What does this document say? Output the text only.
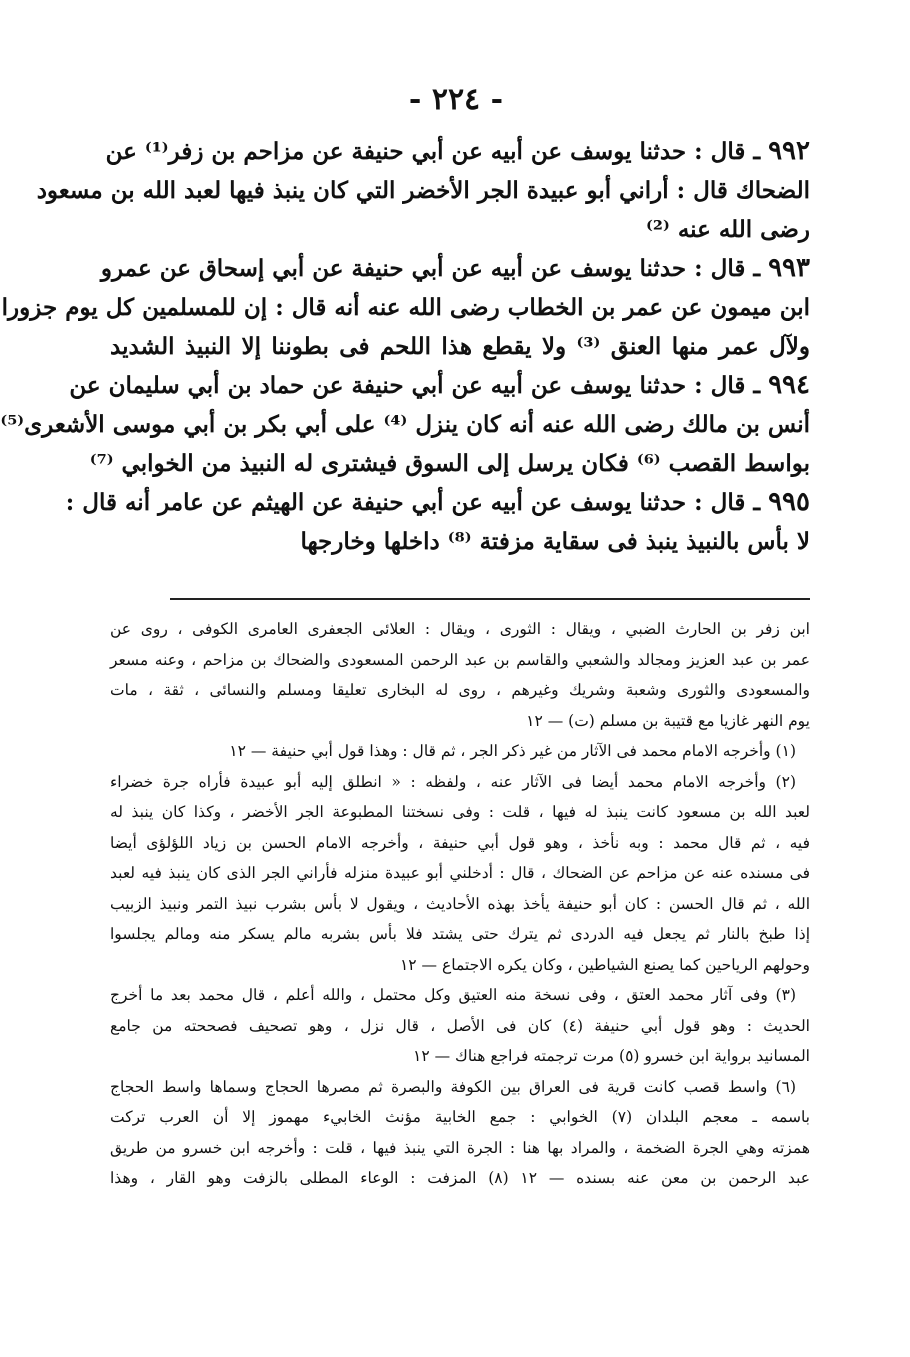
- ٢٢٤ -
٩٩٢ ـ قال : حدثنا يوسف عن أبيه عن أبي حنيفة عن مزاحم بن زفر⁽¹⁾ عن
الضحاك قال : أراني أبو عبيدة الجر الأخضر التي كان ينبذ فيها لعبد الله بن مسعود
رضى الله عنه ⁽²⁾
٩٩٣ ـ قال : حدثنا يوسف عن أبيه عن أبي حنيفة عن أبي إسحاق عن عمرو
ابن ميمون عن عمر بن الخطاب رضى الله عنه أنه قال : إن للمسلمين كل يوم جزورا
ولآل عمر منها العنق ⁽³⁾ ولا يقطع هذا اللحم فى بطوننا إلا النبيذ الشديد
٩٩٤ ـ قال : حدثنا يوسف عن أبيه عن أبي حنيفة عن حماد بن أبي سليمان عن
أنس بن مالك رضى الله عنه أنه كان ينزل ⁽⁴⁾ على أبي بكر بن أبي موسى الأشعرى⁽⁵⁾
بواسط القصب ⁽⁶⁾ فكان يرسل إلى السوق فيشترى له النبيذ من الخوابي ⁽⁷⁾
٩٩٥ ـ قال : حدثنا يوسف عن أبيه عن أبي حنيفة عن الهيثم عن عامر أنه قال :
لا بأس بالنبيذ ينبذ فى سقاية مزفتة ⁽⁸⁾ داخلها وخارجها
ابن زفر بن الحارث الضبي ، ويقال : الثورى ، ويقال : العلائى الجعفرى العامرى الكوفى ، روى عن
عمر بن عبد العزيز ومجالد والشعبي والقاسم بن عبد الرحمن المسعودى والضحاك بن مزاحم ، وعنه مسعر
والمسعودى والثورى وشعبة وشريك وغيرهم ، روى له البخارى تعليقا ومسلم والنسائى ، ثقة ، مات
يوم النهر غازيا مع قتيبة بن مسلم (ت) — ١٢
(١) وأخرجه الامام محمد فى الآثار من غير ذكر الجر ، ثم قال : وهذا قول أبي حنيفة — ١٢
(٢) وأخرجه الامام محمد أيضا فى الآثار عنه ، ولفظه : « انطلق إليه أبو عبيدة فأراه جرة خضراء
لعبد الله بن مسعود كانت ينبذ له فيها ، قلت : وفى نسختنا المطبوعة الجر الأخضر ، وكذا كان ينبذ له
فيه ، ثم قال محمد : وبه نأخذ ، وهو قول أبي حنيفة ، وأخرجه الامام الحسن بن زياد اللؤلؤى أيضا
فى مسنده عنه عن مزاحم عن الضحاك ، قال : أدخلني أبو عبيدة منزله فأراني الجر الذى كان ينبذ فيه لعبد
الله ، ثم قال الحسن : كان أبو حنيفة يأخذ بهذه الأحاديث ، ويقول لا بأس بشرب نبيذ التمر ونبيذ الزبيب
إذا طبخ بالنار ثم يجعل فيه الدردى ثم يترك حتى يشتد فلا بأس بشربه مالم يسكر منه ومالم يجلسوا
وحولهم الرياحين كما يصنع الشياطين ، وكان يكره الاجتماع — ١٢
(٣) وفى آثار محمد العتق ، وفى نسخة منه العتيق وكل محتمل ، والله أعلم ، قال محمد بعد ما أخرج
الحديث : وهو قول أبي حنيفة (٤) كان فى الأصل ، قال نزل ، وهو تصحيف فصححته من جامع
المسانيد برواية ابن خسرو (٥) مرت ترجمته فراجع هناك — ١٢
(٦) واسط قصب كانت قرية فى العراق بين الكوفة والبصرة ثم مصرها الحجاج وسماها واسط الحجاج
باسمه ـ معجم البلدان (٧) الخوابي : جمع الخابية مؤنث الخابيء مهموز إلا أن العرب تركت
همزته وهي الجرة الضخمة ، والمراد بها هنا : الجرة التي ينبذ فيها ، قلت : وأخرجه ابن خسرو من طريق
عبد الرحمن بن معن عنه بسنده — ١٢ (٨) المزفت : الوعاء المطلى بالزفت وهو القار ، وهذا
